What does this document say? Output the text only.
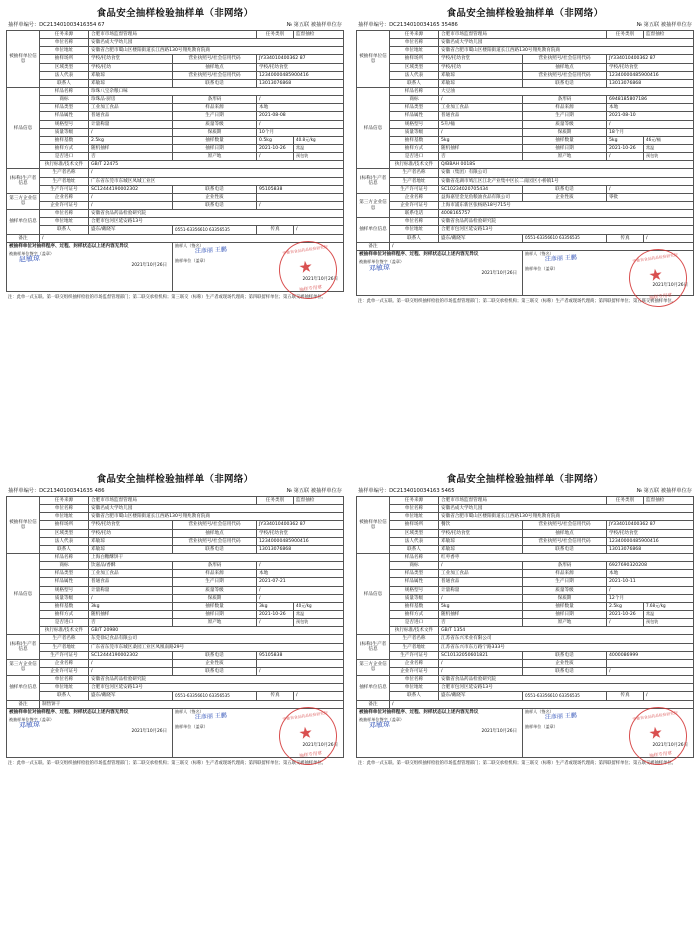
食品安全抽样检验抽样单（非网络）
抽样单编号：DC213401003416354 67	№ 第五联 被抽样单位存
被抽样单位信息	任务来源	合肥市市场监督管理局		任务类别	监督抽检
	单位名称	安徽名成大学幼儿园			
	单位地址	安徽省合肥市蜀山区楼阳街道长江西路130号翔兆教育院商			
	抽样场所	学校/托幼食堂	营业执照号/社会信用代码	JY334010400362 87	
	区域类型	学校/托幼	抽样地点	学校/托幼食堂	
	法人代表	邓敏琼	营业执照号/社会信用代码	12340000485900416	
	联系人	邓敏琼	联系电话	13013076868	
样品信息	样品名称	珍珠八宝杂粮口味			
	商标	珍珠品·厨房	条形码	/	
	样品类型	工业加工食品	样品来源	本地	
	样品属性	普通食品	生产日期	2021-08-08	
	规格型号	计量称量	质量等级	/	
	质量等级	/	保质期	10个月	
	抽样基数	2.5kg	抽样数量	0.5kg	40.8元/kg
	抽样方式	随机抽样	抽样日期	2021-10-26	常温
	是否进口	否	原产地	/	预包装
	执行标准/技术文件	GB/T 22475			
(标称)生产者信息	生产者名称	/			
	生产者地址	广东省东莞市东城区凤城工业区			
	生产许可证号	SC12444190002302	联系电话	95105838	
第三方企业信息	企业名称	/	企业性质		
	企业许可证号	/	联系电话	/	
抽样单位信息	单位名称	安徽省食品药品检验研究院			
	单位地址	合肥市包河区延安路13号			
	联系人	盛东/戴晓军	0551-63356610 63356535	传真	/
备注	/				

被抽样单位对抽样程序、过程、封样状态以上述内容无异议
被抽样单位签字（盖章）
赵敏琼
2021年10月26日

抽样人（签名）
汪彦丽 王鹏
抽样单位（盖章）
安徽省食品药品检验研究院
★
抽样专用章
2021年10月26日
注：此单一式五联。第一联交组织抽样检验的市场监督管理部门；第二联交承检机构；第三联交（标称）生产者或现场代理商；第四联留样单位；第五联交被抽样单位。
食品安全抽样检验抽样单（非网络）
抽样单编号：DC2134010034165 35486	№ 第五联 被抽样单位存
被抽样单位信息	任务来源	合肥市市场监督管理局		任务类别	监督抽检
	单位名称	安徽名成大学幼儿园			
	单位地址	安徽省合肥市蜀山区楼阳街道长江西路130号翔兆教育院商			
	抽样场所	学校/托幼食堂	营业执照号/社会信用代码	JY334010400362 87	
	区域类型	学校/托幼	抽样地点	学校/托幼食堂	
	法人代表	邓敏琼	营业执照号/社会信用代码	12340000485900416	
	联系人	邓敏琼	联系电话	13013076868	
样品信息	样品名称	大豆油			
	商标	/	条形码	6948185807186	
	样品类型	工业加工食品	样品来源	本地	
	样品属性	普通食品	生产日期	2021-08-10	
	规格型号	5升/桶	质量等级	/	
	质量等级	/	保质期	18个月	
	抽样基数	5kg	抽样数量	5kg	46元/桶
	抽样方式	随机抽样	抽样日期	2021-10-26	常温
	是否进口	否	原产地	/	预包装
	执行标准/技术文件	Q/BBAH 0018S			
(标称)生产者信息	生产者名称	安徽（集团）有限公司			
	生产者地址	安徽省花湖市鸠江区江北产业集中区长二南园区小桥镇1号			
	生产许可证号	SC10234020705434	联系电话	/	
第三方企业信息	企业名称	益海嘉里金龙鱼粮油食品有限公司	企业性质	零批	
	企业许可证号	上海市浦东新区张杨路18号715号			
	联系电话	4008165757			
抽样单位信息	单位名称	安徽省食品药品检验研究院			
	单位地址	合肥市包河区延安路13号			
	联系人	盛东/戴晓军	0551-63356610 63356535	传真	/
备注	/				

被抽样单位对抽样程序、过程、封样状态以上述内容无异议
被抽样单位签字（盖章）
邓敏琼
2021年10月26日

抽样人（签名）
汪彦丽 王鹏
抽样单位（盖章）
安徽省食品药品检验研究院
★
抽样专用章
2021年10月26日
注：此单一式五联。第一联交组织抽样检验的市场监督管理部门；第二联交承检机构；第三联交（标称）生产者或现场代理商；第四联留样单位；第五联交被抽样单位。
食品安全抽样检验抽样单（非网络）
抽样单编号：DC21340100341635 486	№ 第五联 被抽样单位存
被抽样单位信息	任务来源	合肥市市场监督管理局		任务类别	监督抽检
	单位名称	安徽名成大学幼儿园			
	单位地址	安徽省合肥市蜀山区楼阳街道长江西路130号翔兆教育院商			
	抽样场所	学校/托幼食堂	营业执照号/社会信用代码	JY334010400362 87	
	区域类型	学校/托幼	抽样地点	学校/托幼食堂	
	法人代表	邓敏琼	营业执照号/社会信用代码	12340000485900416	
	联系人	邓敏琼	联系电话	13013076868	
样品信息	样品名称	上海白糖酥饼干			
	商标	饮嘉品/香酥	条形码	/	
	样品类型	工业加工食品	样品来源	本地	
	样品属性	普通食品	生产日期	2021-07-21	
	规格型号	计量称量	质量等级	/	
	质量等级	/	保质期	/	
	抽样基数	3kg	抽样数量	3kg	40元/kg
	抽样方式	随机抽样	抽样日期	2021-10-26	常温
	是否进口	否	原产地	/	预包装
	执行标准/技术文件	GB/T 20980			
(标称)生产者信息	生产者名称	东莞徐记食品有限公司			
	生产者地址	广东省东莞市东城区桑园工业区凤凰南路29号			
	生产许可证号	SC12444190002302	联系电话	95105838	
第三方企业信息	企业名称	/	企业性质		
	企业许可证号	/	联系电话	/	
抽样单位信息	单位名称	安徽省食品药品检验研究院			
	单位地址	合肥市包河区延安路13号			
	联系人	盛东/戴晓军	0551-63356610 63356535	传真	/
备注	制售饼干				

被抽样单位对抽样程序、过程、封样状态以上述内容无异议
被抽样单位签字（盖章）
邓敏琼
2021年10月26日

抽样人（签名）
汪彦丽 王鹏
抽样单位（盖章）
安徽省食品药品检验研究院
★
抽样专用章
2021年10月26日
注：此单一式五联。第一联交组织抽样检验的市场监督管理部门；第二联交承检机构；第三联交（标称）生产者或现场代理商；第四联留样单位；第五联交被抽样单位。
食品安全抽样检验抽样单（非网络）
抽样单编号：DC2134010034163 5465	№ 第五联 被抽样单位存
被抽样单位信息	任务来源	合肥市市场监督管理局		任务类别	监督抽检
	单位名称	安徽名成大学幼儿园			
	单位地址	安徽省合肥市蜀山区楼阳街道长江西路130号翔兆教育院商			
	抽样场所	餐饮	营业执照号/社会信用代码	JY334010400362 87	
	区域类型	学校/托幼食堂	抽样地点	学校/托幼食堂	
	法人代表	邓敏琼	营业执照号/社会信用代码	12340000485900416	
	联系人	邓敏琼	联系电话	13013076868	
样品信息	样品名称	红枣香枣			
	商标	/	条形码	6927690320208	
	样品类型	工业加工食品	样品来源	本地	
	样品属性	普通食品	生产日期	2021-10-11	
	规格型号	计量称量	质量等级	/	
	质量等级	/	保质期	12个月	
	抽样基数	5kg	抽样数量	2.5kg	7.68元/kg
	抽样方式	随机抽样	抽样日期	2021-10-26	常温
	是否进口	否	原产地	/	预包装
	执行标准/技术文件	GB/T 1354			
(标称)生产者信息	生产者名称	江苏省东兴米业有限公司			
	生产者地址	江苏省东兴市东万路宁路333号			
	生产许可证号	SC10132050601821	联系电话	4000086999	
第三方企业信息	企业名称	/	企业性质		
	企业许可证号	/	联系电话	/	
抽样单位信息	单位名称	安徽省食品药品检验研究院			
	单位地址	合肥市包河区延安路13号			
	联系人	盛东/戴晓军	0551-63356610 63356535	传真	/
备注	/				

被抽样单位对抽样程序、过程、封样状态以上述内容无异议
被抽样单位签字（盖章）
邓敏琼
2021年10月26日

抽样人（签名）
汪彦丽 王鹏
抽样单位（盖章）
安徽省食品药品检验研究院
★
抽样专用章
2021年10月26日
注：此单一式五联。第一联交组织抽样检验的市场监督管理部门；第二联交承检机构；第三联交（标称）生产者或现场代理商；第四联留样单位；第五联交被抽样单位。
